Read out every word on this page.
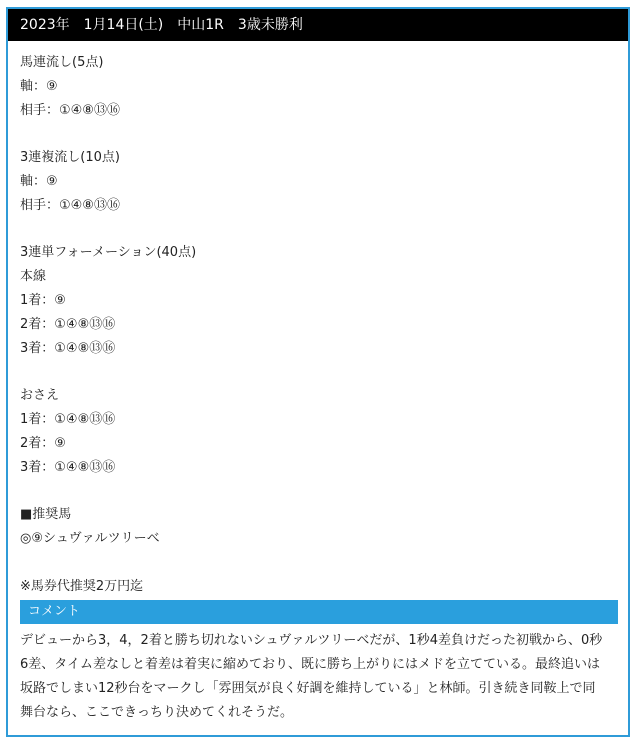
2023年　1月14日(土)　中山1R　3歳未勝利
馬連流し(5点)
軸：⑨
相手：①④⑧⑬⑯
3連複流し(10点)
軸：⑨
相手：①④⑧⑬⑯
3連単フォーメーション(40点)
本線
1着：⑨
2着：①④⑧⑬⑯
3着：①④⑧⑬⑯
おさえ
1着：①④⑧⑬⑯
2着：⑨
3着：①④⑧⑬⑯
■推奨馬
◎⑨シュヴァルツリーベ
※馬券代推奨2万円迄
コメント
デビューから3，4，2着と勝ち切れないシュヴァルツリーベだが、1秒4差負けだった初戦から、0秒
6差、タイム差なしと着差は着実に縮めており、既に勝ち上がりにはメドを立てている。最終追いは
坂路でしまい12秒台をマークし「雰囲気が良く好調を維持している」と林師。引き続き同鞍上で同
舞台なら、ここできっちり決めてくれそうだ。
